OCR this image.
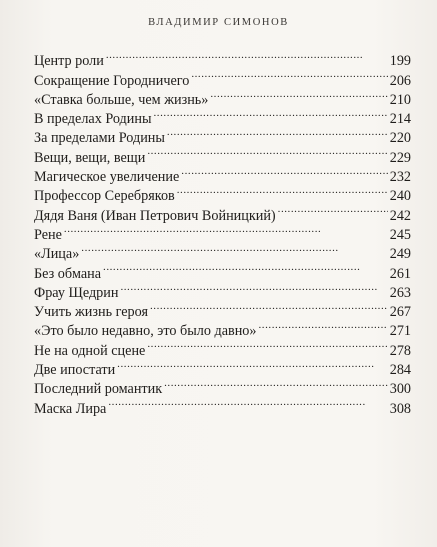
ВЛАДИМИР СИМОНОВ
Центр роли . . .	199
Сокращение Городничего . . .	206
«Ставка больше, чем жизнь» . . .	210
В пределах Родины . . .	214
За пределами Родины . . .	220
Вещи, вещи, вещи . . .	229
Магическое увеличение . . .	232
Профессор Серебряков . . .	240
Дядя Ваня (Иван Петрович Войницкий) . . .	242
Рене . . .	245
«Лица» . . .	249
Без обмана . . .	261
Фрау Щедрин . . .	263
Учить жизнь героя . . .	267
«Это было недавно, это было давно» . . .	271
Не на одной сцене . . .	278
Две ипостати . . .	284
Последний романтик . . .	300
Маска Лира . . .	308
